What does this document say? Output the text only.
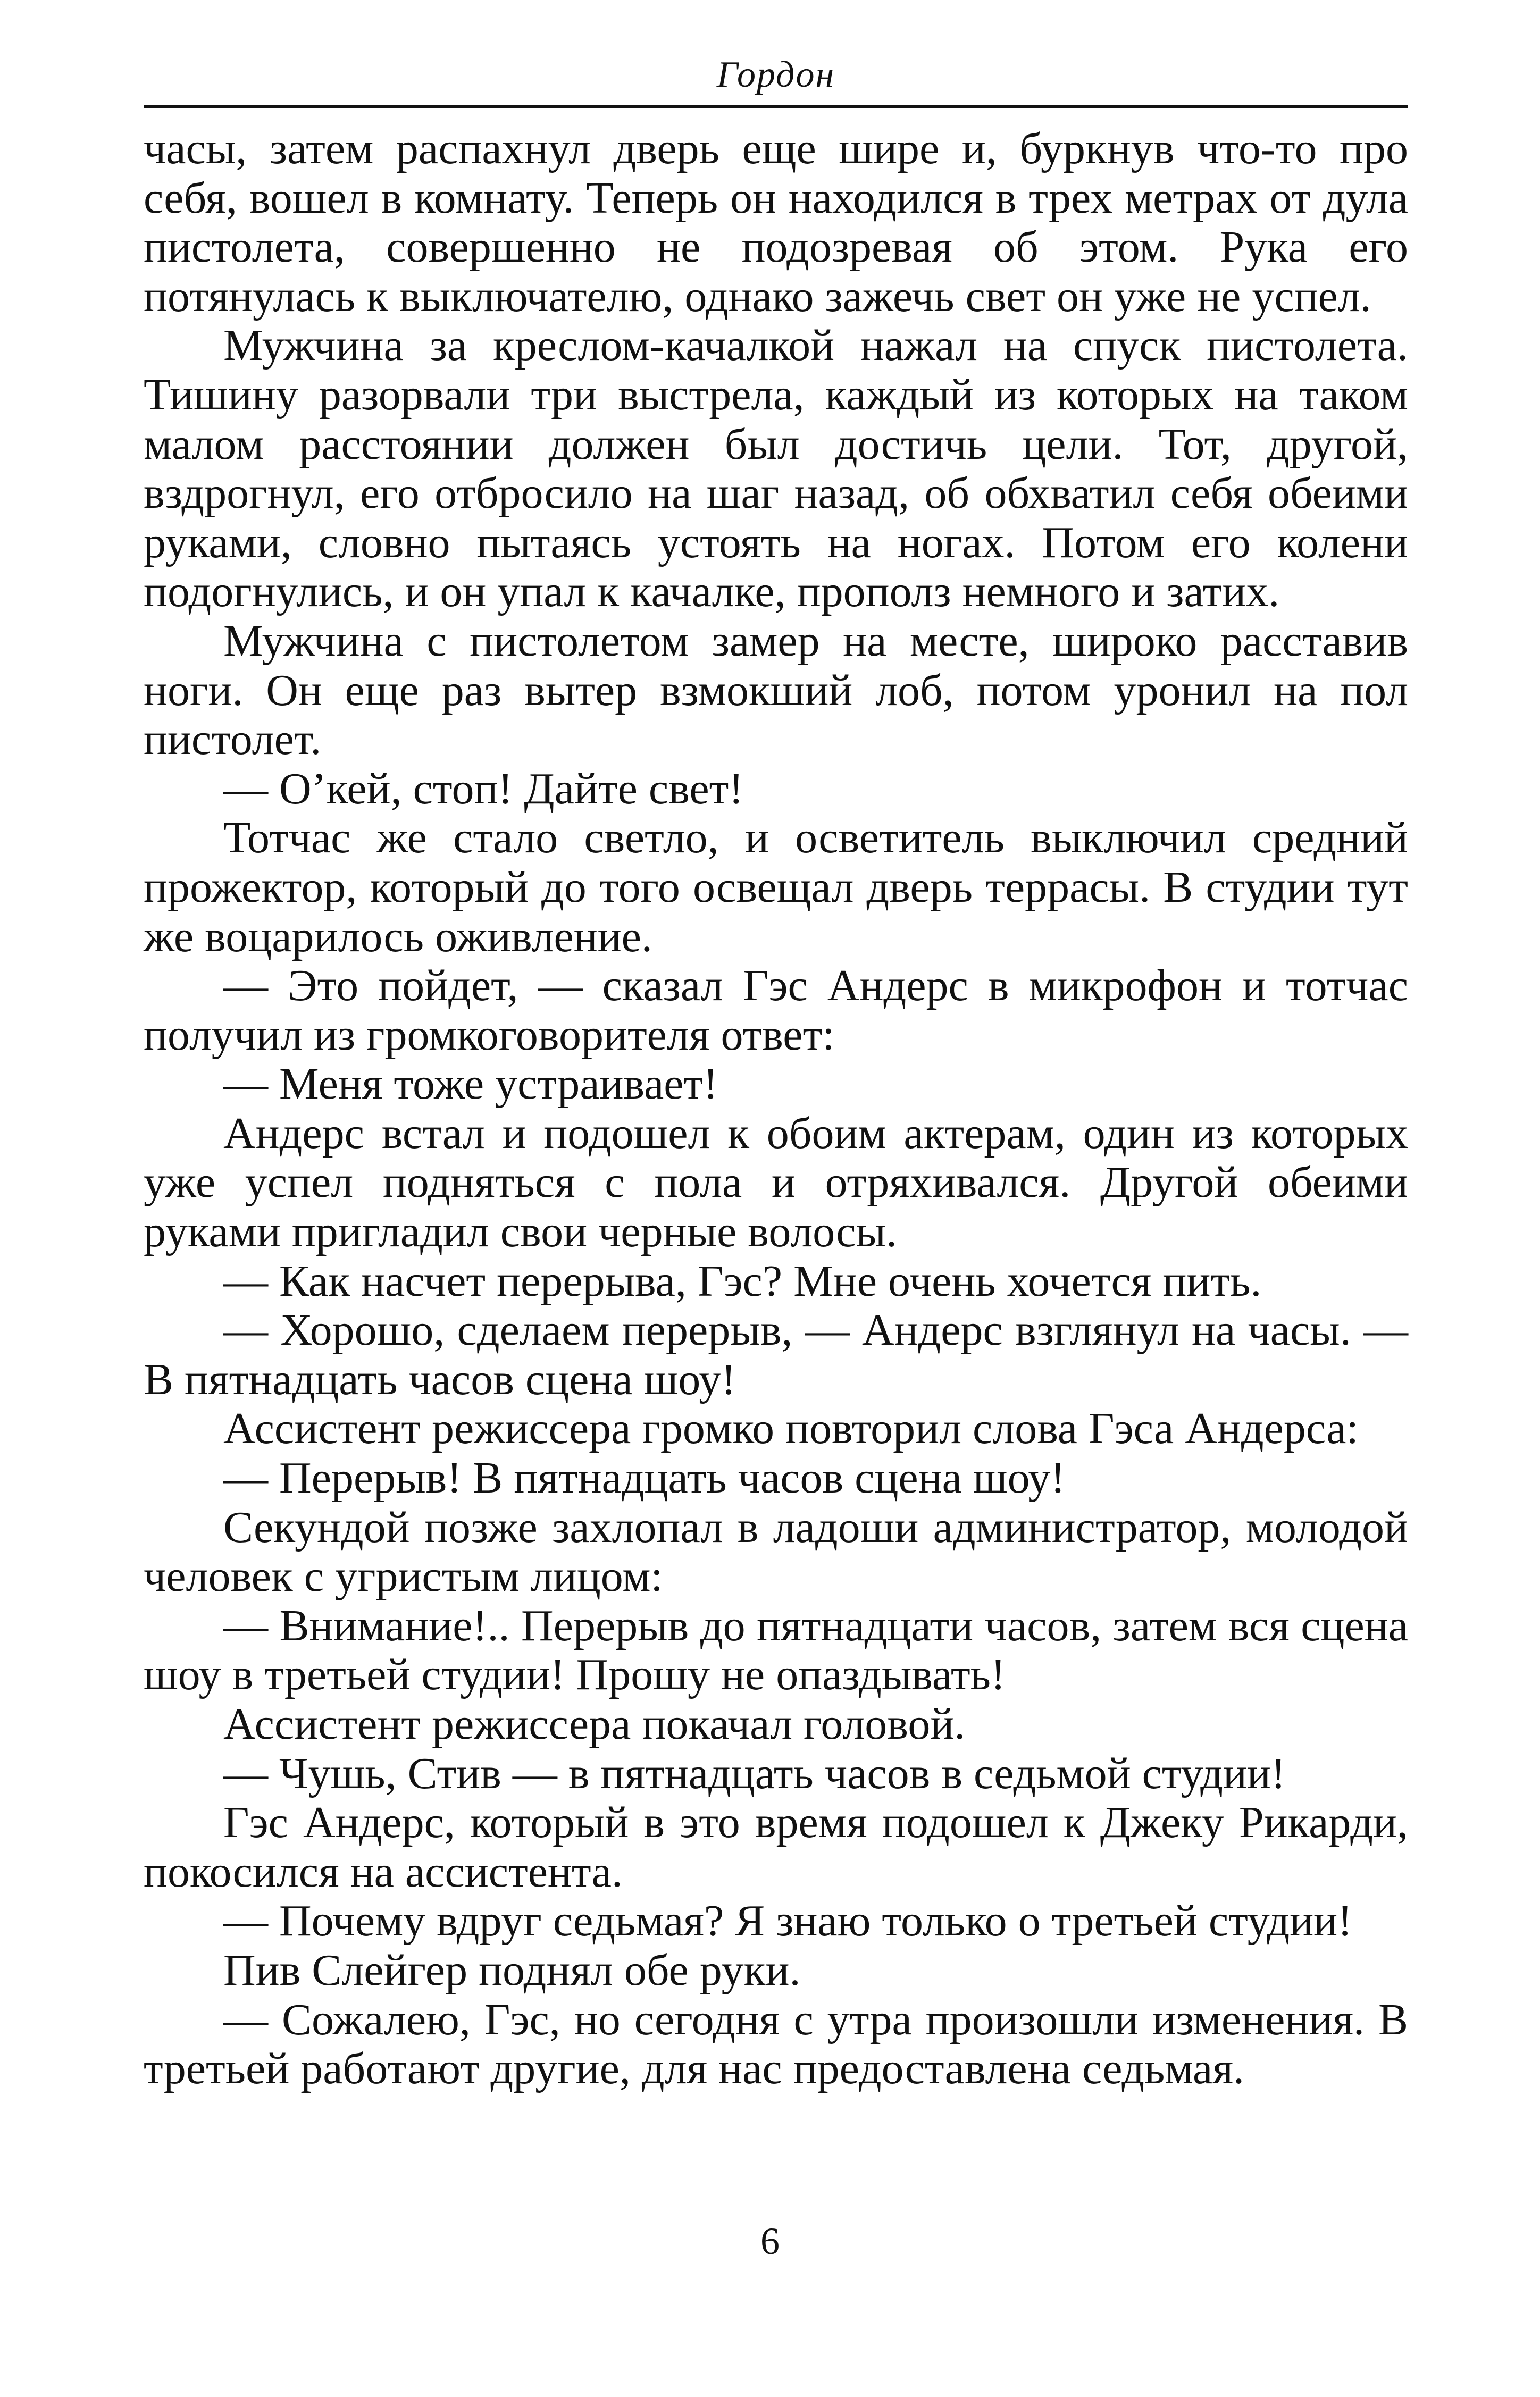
Гордон

часы, затем распахнул дверь еще шире и, буркнув что-то про себя, вошел в комнату. Теперь он находился в трех метрах от дула пистолета, совершенно не подозревая об этом. Рука его потянулась к выключателю, однако зажечь свет он уже не успел.

Мужчина за креслом-качалкой нажал на спуск пистолета. Тишину разорвали три выстрела, каждый из которых на таком малом расстоянии должен был достичь цели. Тот, другой, вздрогнул, его отбросило на шаг назад, об обхватил себя обеими руками, словно пытаясь устоять на ногах. Потом его колени подогнулись, и он упал к качалке, прополз немного и затих.

Мужчина с пистолетом замер на месте, широко расставив ноги. Он еще раз вытер взмокший лоб, потом уронил на пол пистолет.

— О’кей, стоп! Дайте свет!

Тотчас же стало светло, и осветитель выключил средний прожектор, который до того освещал дверь террасы. В студии тут же воцарилось оживление.

— Это пойдет, — сказал Гэс Андерс в микрофон и тотчас получил из громкоговорителя ответ:

— Меня тоже устраивает!

Андерс встал и подошел к обоим актерам, один из которых уже успел подняться с пола и отряхивался. Другой обеими руками пригладил свои черные волосы.

— Как насчет перерыва, Гэс? Мне очень хочется пить.

— Хорошо, сделаем перерыв, — Андерс взглянул на часы. — В пятнадцать часов сцена шоу!

Ассистент режиссера громко повторил слова Гэса Андерса:

— Перерыв! В пятнадцать часов сцена шоу!

Секундой позже захлопал в ладоши администратор, молодой человек с угристым лицом:

— Внимание!.. Перерыв до пятнадцати часов, затем вся сцена шоу в третьей студии! Прошу не опаздывать!

Ассистент режиссера покачал головой.

— Чушь, Стив — в пятнадцать часов в седьмой студии!

Гэс Андерс, который в это время подошел к Джеку Рикарди, покосился на ассистента.

— Почему вдруг седьмая? Я знаю только о третьей студии!

Пив Слейгер поднял обе руки.

— Сожалею, Гэс, но сегодня с утра произошли изменения. В третьей работают другие, для нас предоставлена седьмая.

6
